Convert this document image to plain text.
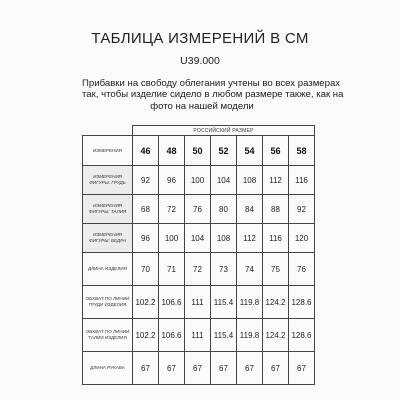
ТАБЛИЦА ИЗМЕРЕНИЙ В СМ
U39.000
Прибавки на свободу облегания учтены во всех размерах
так, чтобы изделие сидело в любом размере также, как на
фото на нашей модели
	РОССИЙСКИЙ РАЗМЕР						
ИЗМЕРЕНИЯ	46	48	50	52	54	56	58
ИЗМЕРЕНИЯ ФИГУРЫ: ГРУДЬ	92	96	100	104	108	112	116
ИЗМЕРЕНИЯ ФИГУРЫ: ТАЛИЯ	68	72	76	80	84	88	92
ИЗМЕРЕНИЯ ФИГУРЫ: БЕДРА	96	100	104	108	112	116	120
ДЛИНА ИЗДЕЛИЯ	70	71	72	73	74	75	76
ОБХВАТ ПО ЛИНИИ ГРУДИ ИЗДЕЛИЯ	102.2	106.6	111	115.4	119.8	124.2	128.6
ОБХВАТ ПО ЛИНИИ ТАЛИИ ИЗДЕЛИЯ	102.2	106.6	111	115.4	119.8	124.2	128.6
ДЛИНА РУКАВА	67	67	67	67	67	67	67
